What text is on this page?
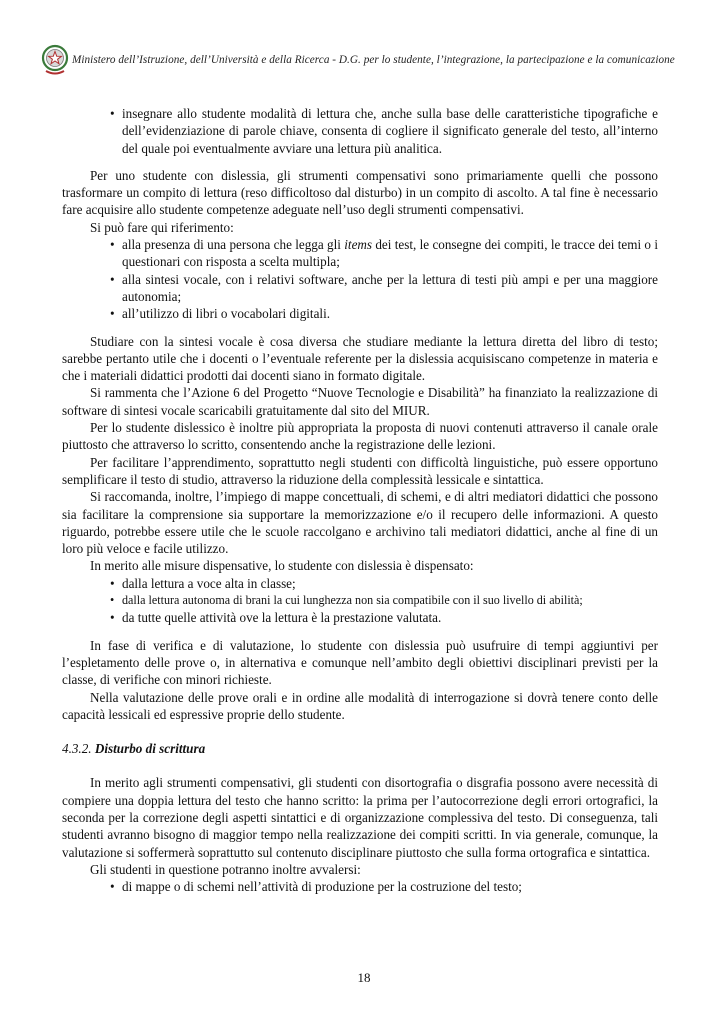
Ministero dell’Istruzione, dell’Università e della Ricerca - D.G. per lo studente, l’integrazione, la partecipazione e la comunicazione
• insegnare allo studente modalità di lettura che, anche sulla base delle caratteristiche tipografiche e dell’evidenziazione di parole chiave, consenta di cogliere il significato generale del testo, all’interno del quale poi eventualmente avviare una lettura più analitica.

Per uno studente con dislessia, gli strumenti compensativi sono primariamente quelli che possono trasformare un compito di lettura (reso difficoltoso dal disturbo) in un compito di ascolto. A tal fine è necessario fare acquisire allo studente competenze adeguate nell’uso degli strumenti compensativi.

Si può fare qui riferimento:

• alla presenza di una persona che legga gli items dei test, le consegne dei compiti, le tracce dei temi o i questionari con risposta a scelta multipla;
• alla sintesi vocale, con i relativi software, anche per la lettura di testi più ampi e per una maggiore autonomia;
• all’utilizzo di libri o vocabolari digitali.

Studiare con la sintesi vocale è cosa diversa che studiare mediante la lettura diretta del libro di testo; sarebbe pertanto utile che i docenti o l’eventuale referente per la dislessia acquisiscano competenze in materia e che i materiali didattici prodotti dai docenti siano in formato digitale.

Si rammenta che l’Azione 6 del Progetto “Nuove Tecnologie e Disabilità” ha finanziato la realizzazione di software di sintesi vocale scaricabili gratuitamente dal sito del MIUR.

Per lo studente dislessico è inoltre più appropriata la proposta di nuovi contenuti attraverso il canale orale piuttosto che attraverso lo scritto, consentendo anche la registrazione delle lezioni.

Per facilitare l’apprendimento, soprattutto negli studenti con difficoltà linguistiche, può essere opportuno semplificare il testo di studio, attraverso la riduzione della complessità lessicale e sintattica.

Si raccomanda, inoltre, l’impiego di mappe concettuali, di schemi, e di altri mediatori didattici che possono sia facilitare la comprensione sia supportare la memorizzazione e/o il recupero delle informazioni. A questo riguardo, potrebbe essere utile che le scuole raccolgano e archivino tali mediatori didattici, anche al fine di un loro più veloce e facile utilizzo.

In merito alle misure dispensative, lo studente con dislessia è dispensato:

• dalla lettura a voce alta in classe;
• dalla lettura autonoma di brani la cui lunghezza non sia compatibile con il suo livello di abilità;
• da tutte quelle attività ove la lettura è la prestazione valutata.

In fase di verifica e di valutazione, lo studente con dislessia può usufruire di tempi aggiuntivi per l’espletamento delle prove o, in alternativa e comunque nell’ambito degli obiettivi disciplinari previsti per la classe, di verifiche con minori richieste.

Nella valutazione delle prove orali e in ordine alle modalità di interrogazione si dovrà tenere conto delle capacità lessicali ed espressive proprie dello studente.

4.3.2. Disturbo di scrittura

In merito agli strumenti compensativi, gli studenti con disortografia o disgrafia possono avere necessità di compiere una doppia lettura del testo che hanno scritto: la prima per l’autocorrezione degli errori ortografici, la seconda per la correzione degli aspetti sintattici e di organizzazione complessiva del testo. Di conseguenza, tali studenti avranno bisogno di maggior tempo nella realizzazione dei compiti scritti. In via generale, comunque, la valutazione si soffermerà soprattutto sul contenuto disciplinare piuttosto che sulla forma ortografica e sintattica.

Gli studenti in questione potranno inoltre avvalersi:

• di mappe o di schemi nell’attività di produzione per la costruzione del testo;
18
